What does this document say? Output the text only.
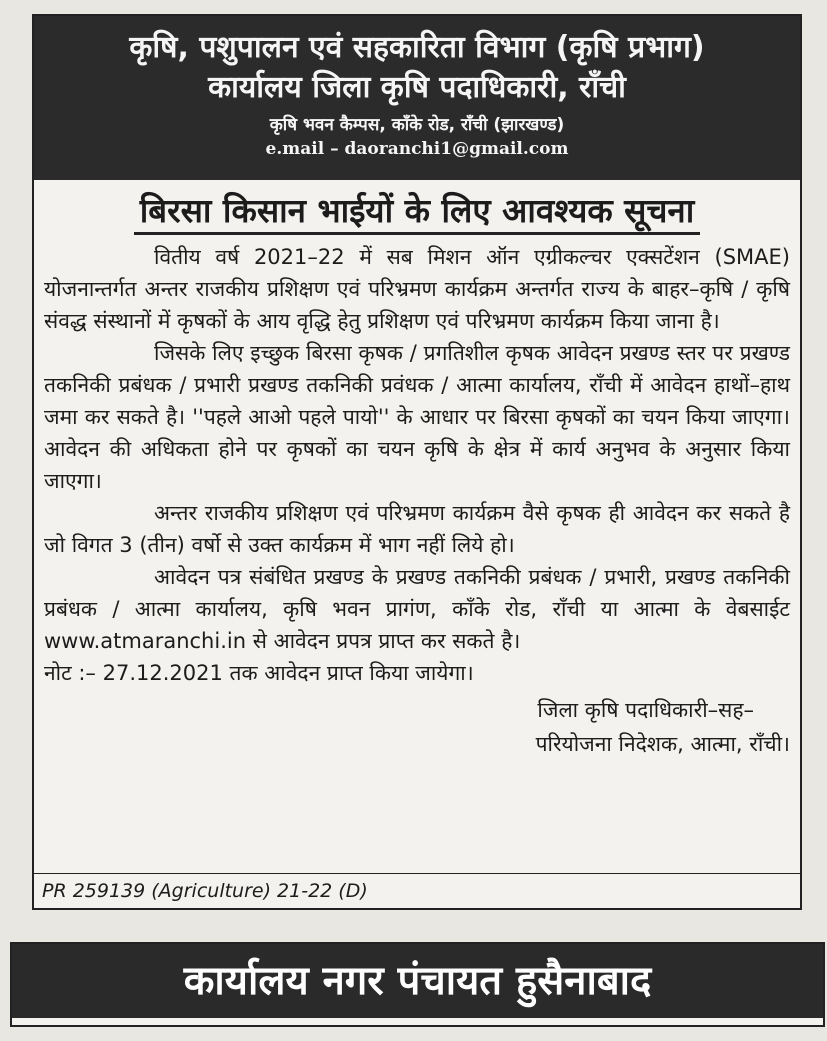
कृषि, पशुपालन एवं सहकारिता विभाग (कृषि प्रभाग)
कार्यालय जिला कृषि पदाधिकारी, राँची
कृषि भवन कैम्पस, काँके रोड, राँची (झारखण्ड)
e.mail – daoranchi1@gmail.com
बिरसा किसान भाईयों के लिए आवश्यक सूचना

वितीय वर्ष 2021–22 में सब मिशन ऑन एग्रीकल्चर एक्सटेंशन (SMAE) योजनान्तर्गत अन्तर राजकीय प्रशिक्षण एवं परिभ्रमण कार्यक्रम अन्तर्गत राज्य के बाहर–कृषि / कृषि संवद्ध संस्थानों में कृषकों के आय वृद्धि हेतु प्रशिक्षण एवं परिभ्रमण कार्यक्रम किया जाना है।

जिसके लिए इच्छुक बिरसा कृषक / प्रगतिशील कृषक आवेदन प्रखण्ड स्तर पर प्रखण्ड तकनिकी प्रबंधक / प्रभारी प्रखण्ड तकनिकी प्रवंधक / आत्मा कार्यालय, राँची में आवेदन हाथों–हाथ जमा कर सकते है। ''पहले आओ पहले पायो'' के आधार पर बिरसा कृषकों का चयन किया जाएगा। आवेदन की अधिकता होने पर कृषकों का चयन कृषि के क्षेत्र में कार्य अनुभव के अनुसार किया जाएगा।

अन्तर राजकीय प्रशिक्षण एवं परिभ्रमण कार्यक्रम वैसे कृषक ही आवेदन कर सकते है जो विगत 3 (तीन) वर्षो से उक्त कार्यक्रम में भाग नहीं लिये हो।

आवेदन पत्र संबंधित प्रखण्ड के प्रखण्ड तकनिकी प्रबंधक / प्रभारी, प्रखण्ड तकनिकी प्रबंधक / आत्मा कार्यालय, कृषि भवन प्रागंण, काँके रोड, राँची या आत्मा के वेबसाईट www.atmaranchi.in से आवेदन प्रपत्र प्राप्त कर सकते है।

नोट :– 27.12.2021 तक आवेदन प्राप्त किया जायेगा।

जिला कृषि पदाधिकारी–सह–
परियोजना निदेशक, आत्मा, राँची।
PR 259139 (Agriculture) 21-22 (D)
कार्यालय नगर पंचायत हुसैनाबाद
